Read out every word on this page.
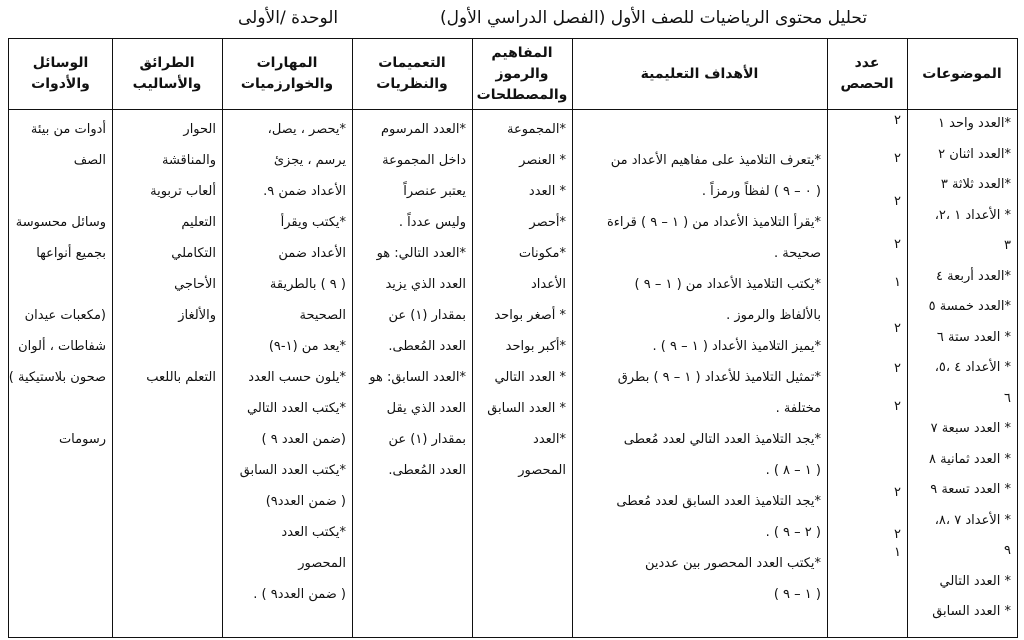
تحليل محتوى الرياضيات للصف الأول (الفصل الدراسي الأول)
الوحدة /الأولى
الموضوعات
عدد
الحصص
الأهداف التعليمية
المفاهيم
والرموز
والمصطلحات
التعميمات
والنظريات
المهارات
والخوارزميات
الطرائق
والأساليب
الوسائل
والأدوات
*العدد واحد ١
*العدد اثنان ٢
*العدد ثلاثة ٣
* الأعداد ١ ،٢،
٣
*العدد أربعة ٤
*العدد خمسة ٥
* العدد ستة ٦
* الأعداد ٤ ،٥،
٦
* العدد سبعة ٧
* العدد ثمانية ٨
* العدد تسعة ٩
* الأعداد ٧ ،٨،
٩
* العدد التالي
* العدد السابق
٢
٢
٢
٢
١
٢
٢
٢
٢
٢
١
*يتعرف التلاميذ على مفاهيم الأعداد من
( ٠ – ٩ ) لفظاً ورمزاً .
*يقرأ التلاميذ الأعداد من ( ١ – ٩ ) قراءة
صحيحة .
*يكتب التلاميذ الأعداد من ( ١ – ٩ )
بالألفاظ والرموز .
*يميز التلاميذ الأعداد ( ١ – ٩ ) .
*تمثيل التلاميذ للأعداد ( ١ – ٩ ) بطرق
مختلفة .
*يجد التلاميذ العدد التالي لعدد مُعطى
( ١ – ٨ ) .
*يجد التلاميذ العدد السابق لعدد مُعطى
( ٢ – ٩ ) .
*يكتب العدد المحصور بين عددين
( ١ – ٩ )
*المجموعة
* العنصر
* العدد
*أحصر
*مكونات
الأعداد
* أصغر بواحد
*أكبر بواحد
* العدد التالي
* العدد السابق
*العدد
المحصور
*العدد المرسوم
داخل المجموعة
يعتبر عنصراً
وليس عدداً .
*العدد التالي: هو
العدد الذي يزيد
بمقدار (١) عن
العدد المُعطى.
*العدد السابق: هو
العدد الذي يقل
بمقدار (١) عن
العدد المُعطى.
*يحصر ، يصل،
يرسم ، يجزئ
الأعداد ضمن ٩.
*يكتب ويقرأ
الأعداد ضمن
( ٩ ) بالطريقة
الصحيحة
*يعد من (١-٩)
*يلون حسب العدد
*يكتب العدد التالي
(ضمن العدد ٩ )
*يكتب العدد السابق
( ضمن العدد٩)
*يكتب العدد
المحصور
( ضمن العدد٩ ) .
الحوار
والمناقشة
ألعاب تربوية
التعليم
التكاملي
الأحاجي
والألغاز
التعلم باللعب
أدوات من بيئة
الصف
وسائل محسوسة
بجميع أنواعها
(مكعبات عيدان
شفاطات ، ألوان
صحون بلاستيكية )
رسومات
